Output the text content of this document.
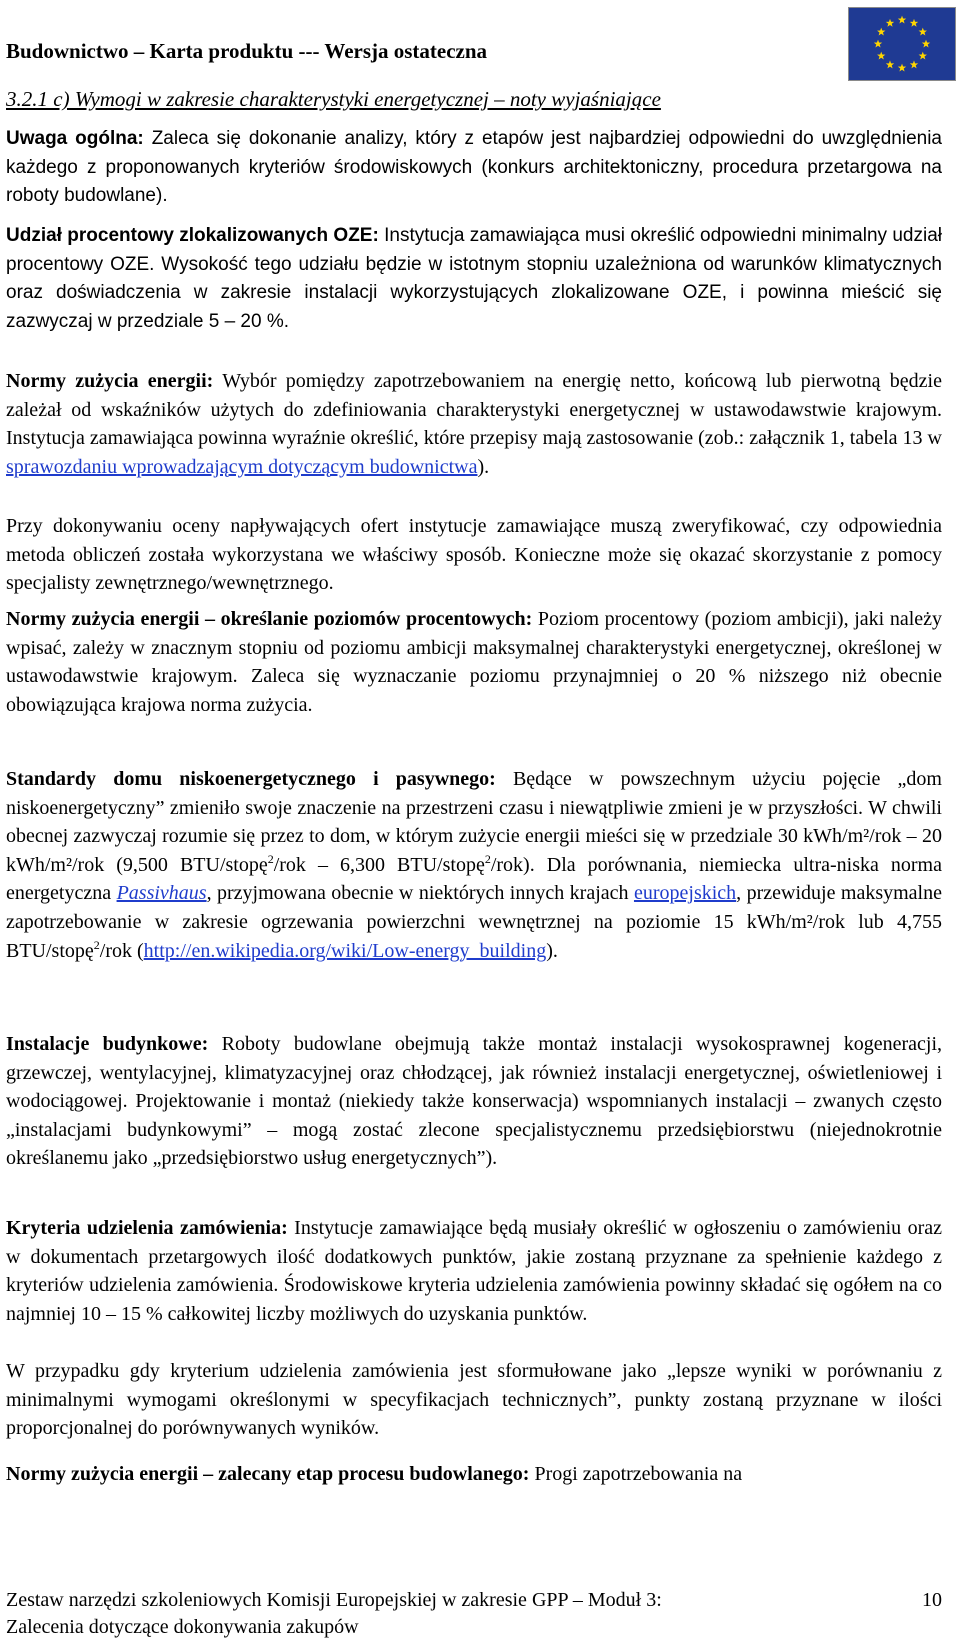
Budownictwo – Karta produktu --- Wersja ostateczna
3.2.1 c) Wymogi w zakresie charakterystyki energetycznej – noty wyjaśniające

Uwaga ogólna: Zaleca się dokonanie analizy, który z etapów jest najbardziej odpowiedni do uwzględnienia każdego z proponowanych kryteriów środowiskowych (konkurs architektoniczny, procedura przetargowa na roboty budowlane).

Udział procentowy zlokalizowanych OZE: Instytucja zamawiająca musi określić odpowiedni minimalny udział procentowy OZE. Wysokość tego udziału będzie w istotnym stopniu uzależniona od warunków klimatycznych oraz doświadczenia w zakresie instalacji wykorzystujących zlokalizowane OZE, i powinna mieścić się zazwyczaj w przedziale 5 – 20 %.

Normy zużycia energii: Wybór pomiędzy zapotrzebowaniem na energię netto, końcową lub pierwotną będzie zależał od wskaźników użytych do zdefiniowania charakterystyki energetycznej w ustawodawstwie krajowym. Instytucja zamawiająca powinna wyraźnie określić, które przepisy mają zastosowanie (zob.: załącznik 1, tabela 13 w sprawozdaniu wprowadzającym dotyczącym budownictwa).

Przy dokonywaniu oceny napływających ofert instytucje zamawiające muszą zweryfikować, czy odpowiednia metoda obliczeń została wykorzystana we właściwy sposób. Konieczne może się okazać skorzystanie z pomocy specjalisty zewnętrznego/wewnętrznego.

Normy zużycia energii – określanie poziomów procentowych: Poziom procentowy (poziom ambicji), jaki należy wpisać, zależy w znacznym stopniu od poziomu ambicji maksymalnej charakterystyki energetycznej, określonej w ustawodawstwie krajowym. Zaleca się wyznaczanie poziomu przynajmniej o 20 % niższego niż obecnie obowiązująca krajowa norma zużycia.

Standardy domu niskoenergetycznego i pasywnego: Będące w powszechnym użyciu pojęcie „dom niskoenergetyczny” zmieniło swoje znaczenie na przestrzeni czasu i niewątpliwie zmieni je w przyszłości. W chwili obecnej zazwyczaj rozumie się przez to dom, w którym zużycie energii mieści się w przedziale 30 kWh/m²/rok – 20 kWh/m²/rok (9,500 BTU/stopę$^2$/rok – 6,300 BTU/stopę$^2$/rok). Dla porównania, niemiecka ultra-niska norma energetyczna Passivhaus, przyjmowana obecnie w niektórych innych krajach europejskich, przewiduje maksymalne zapotrzebowanie w zakresie ogrzewania powierzchni wewnętrznej na poziomie 15 kWh/m²/rok lub 4,755 BTU/stopę$^2$/rok (http://en.wikipedia.org/wiki/Low-energy_building).

Instalacje budynkowe: Roboty budowlane obejmują także montaż instalacji wysokosprawnej kogeneracji, grzewczej, wentylacyjnej, klimatyzacyjnej oraz chłodzącej, jak również instalacji energetycznej, oświetleniowej i wodociągowej. Projektowanie i montaż (niekiedy także konserwacja) wspomnianych instalacji – zwanych często „instalacjami budynkowymi” – mogą zostać zlecone specjalistycznemu przedsiębiorstwu (niejednokrotnie określanemu jako „przedsiębiorstwo usług energetycznych”).

Kryteria udzielenia zamówienia: Instytucje zamawiające będą musiały określić w ogłoszeniu o zamówieniu oraz w dokumentach przetargowych ilość dodatkowych punktów, jakie zostaną przyznane za spełnienie każdego z kryteriów udzielenia zamówienia. Środowiskowe kryteria udzielenia zamówienia powinny składać się ogółem na co najmniej 10 – 15 % całkowitej liczby możliwych do uzyskania punktów.

W przypadku gdy kryterium udzielenia zamówienia jest sformułowane jako „lepsze wyniki w porównaniu z minimalnymi wymogami określonymi w specyfikacjach technicznych”, punkty zostaną przyznane w ilości proporcjonalnej do porównywanych wyników.

Normy zużycia energii – zalecany etap procesu budowlanego: Progi zapotrzebowania na

Zestaw narzędzi szkoleniowych Komisji Europejskiej w zakresie GPP – Moduł 3:
Zalecenia dotyczące dokonywania zakupów
10
